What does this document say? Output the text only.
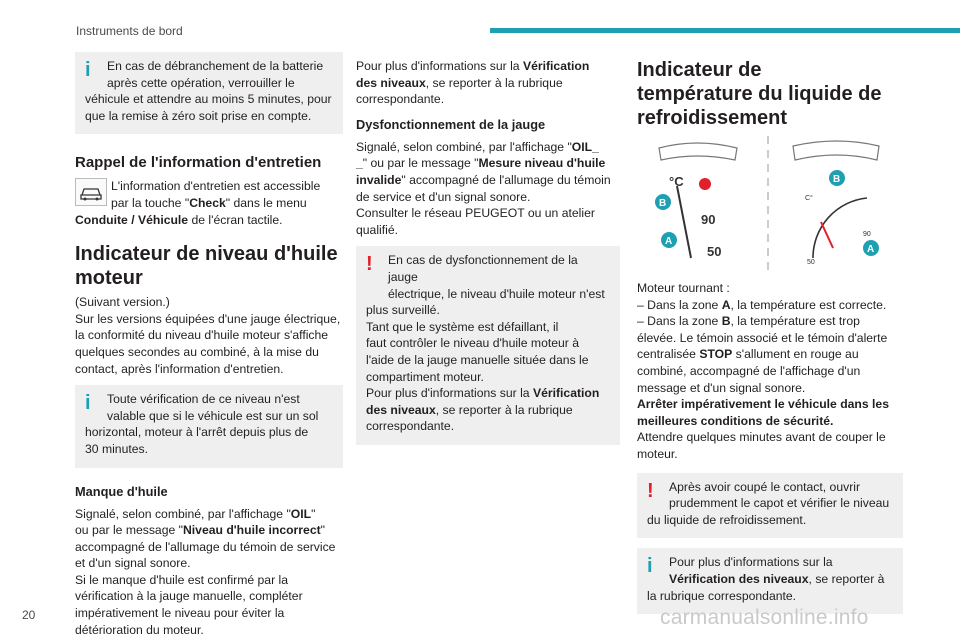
Instruments de bord
i	En cas de débranchement de la batterie

après cette opération, verrouiller le

véhicule et attendre au moins 5 minutes, pour

que la remise à zéro soit prise en compte.

Rappel de l'information d'entretien

L'information d'entretien est accessible

par la touche "Check" dans le menu

Conduite / Véhicule de l'écran tactile.

Indicateur de niveau d'huile
moteur

(Suivant version.)

Sur les versions équipées d'une jauge électrique,

la conformité du niveau d'huile moteur s'affiche

quelques secondes au combiné, à la mise du

contact, après l'information d'entretien.

i	Toute vérification de ce niveau n'est

valable que si le véhicule est sur un sol

horizontal, moteur à l'arrêt depuis plus de

30 minutes.

Manque d'huile

Signalé, selon combiné, par l'affichage "OIL"

ou par le message "Niveau d'huile incorrect"

accompagné de l'allumage du témoin de service

et d'un signal sonore.

Si le manque d'huile est confirmé par la

vérification à la jauge manuelle, compléter

impérativement le niveau pour éviter la

détérioration du moteur.

Pour plus d'informations sur la Vérification

des niveaux, se reporter à la rubrique

correspondante.

Dysfonctionnement de la jauge

Signalé, selon combiné, par l'affichage "OIL_

_" ou par le message "Mesure niveau d'huile

invalide" accompagné de l'allumage du témoin

de service et d'un signal sonore.

Consulter le réseau PEUGEOT ou un atelier

qualifié.

!	En cas de dysfonctionnement de la jauge

électrique, le niveau d'huile moteur n'est

plus surveillé.

Tant que le système est défaillant, il

faut contrôler le niveau d'huile moteur à

l'aide de la jauge manuelle située dans le

compartiment moteur.

Pour plus d'informations sur la Vérification

des niveaux, se reporter à la rubrique

correspondante.

Indicateur de
température du liquide de
refroidissement
°C
90
50
B
A
C°
90
50
B
A

Moteur tournant :

– Dans la zone A, la température est correcte.

– Dans la zone B, la température est trop

élevée. Le témoin associé et le témoin d'alerte

centralisée STOP s'allument en rouge au

combiné, accompagné de l'affichage d'un

message et d'un signal sonore.

Arrêter impérativement le véhicule dans les

meilleures conditions de sécurité.

Attendre quelques minutes avant de couper le

moteur.

!	Après avoir coupé le contact, ouvrir

prudemment le capot et vérifier le niveau

du liquide de refroidissement.

i	Pour plus d'informations sur la

Vérification des niveaux, se reporter à

la rubrique correspondante.

20	carmanualsonline.info
